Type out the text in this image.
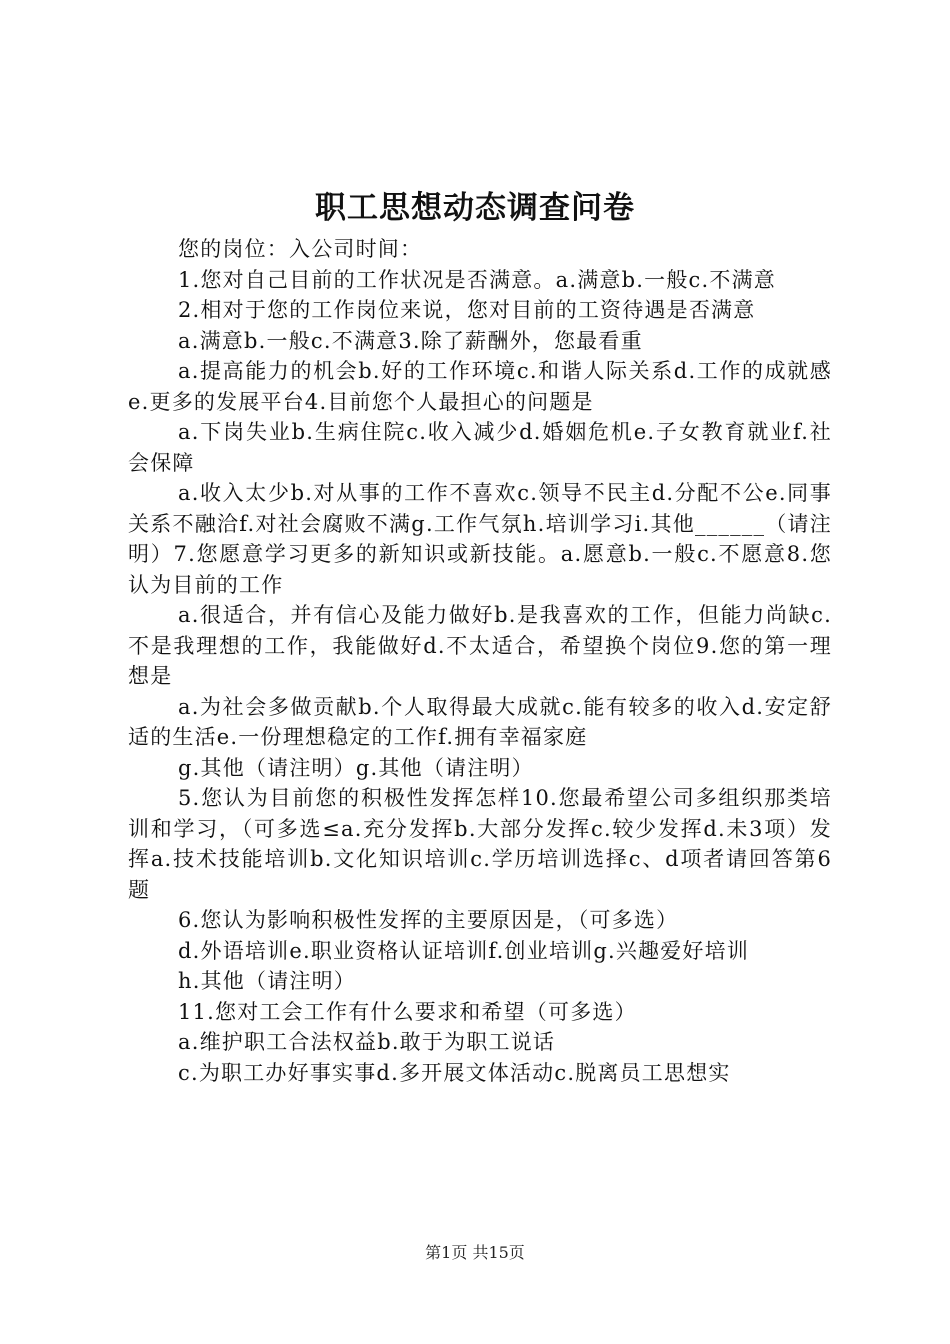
职工思想动态调查问卷

您的岗位：入公司时间：

1.您对自己目前的工作状况是否满意。a.满意b.一般c.不满意

2.相对于您的工作岗位来说，您对目前的工资待遇是否满意

a.满意b.一般c.不满意3.除了薪酬外，您最看重

a.提高能力的机会b.好的工作环境c.和谐人际关系d.工作的成就感e.更多的发展平台4.目前您个人最担心的问题是

a.下岗失业b.生病住院c.收入减少d.婚姻危机e.子女教育就业f.社会保障

a.收入太少b.对从事的工作不喜欢c.领导不民主d.分配不公e.同事关系不融洽f.对社会腐败不满g.工作气氛h.培训学习i.其他______（请注明）7.您愿意学习更多的新知识或新技能。a.愿意b.一般c.不愿意8.您认为目前的工作

a.很适合，并有信心及能力做好b.是我喜欢的工作，但能力尚缺c.不是我理想的工作，我能做好d.不太适合，希望换个岗位9.您的第一理想是

a.为社会多做贡献b.个人取得最大成就c.能有较多的收入d.安定舒适的生活e.一份理想稳定的工作f.拥有幸福家庭

g.其他（请注明）g.其他（请注明）

5.您认为目前您的积极性发挥怎样10.您最希望公司多组织那类培训和学习，（可多选≤a.充分发挥b.大部分发挥c.较少发挥d.未3项）发挥a.技术技能培训b.文化知识培训c.学历培训选择c、d项者请回答第6题

6.您认为影响积极性发挥的主要原因是，（可多选）

d.外语培训e.职业资格认证培训f.创业培训g.兴趣爱好培训

h.其他（请注明）

11.您对工会工作有什么要求和希望（可多选）

a.维护职工合法权益b.敢于为职工说话

c.为职工办好事实事d.多开展文体活动c.脱离员工思想实

第1页 共15页
